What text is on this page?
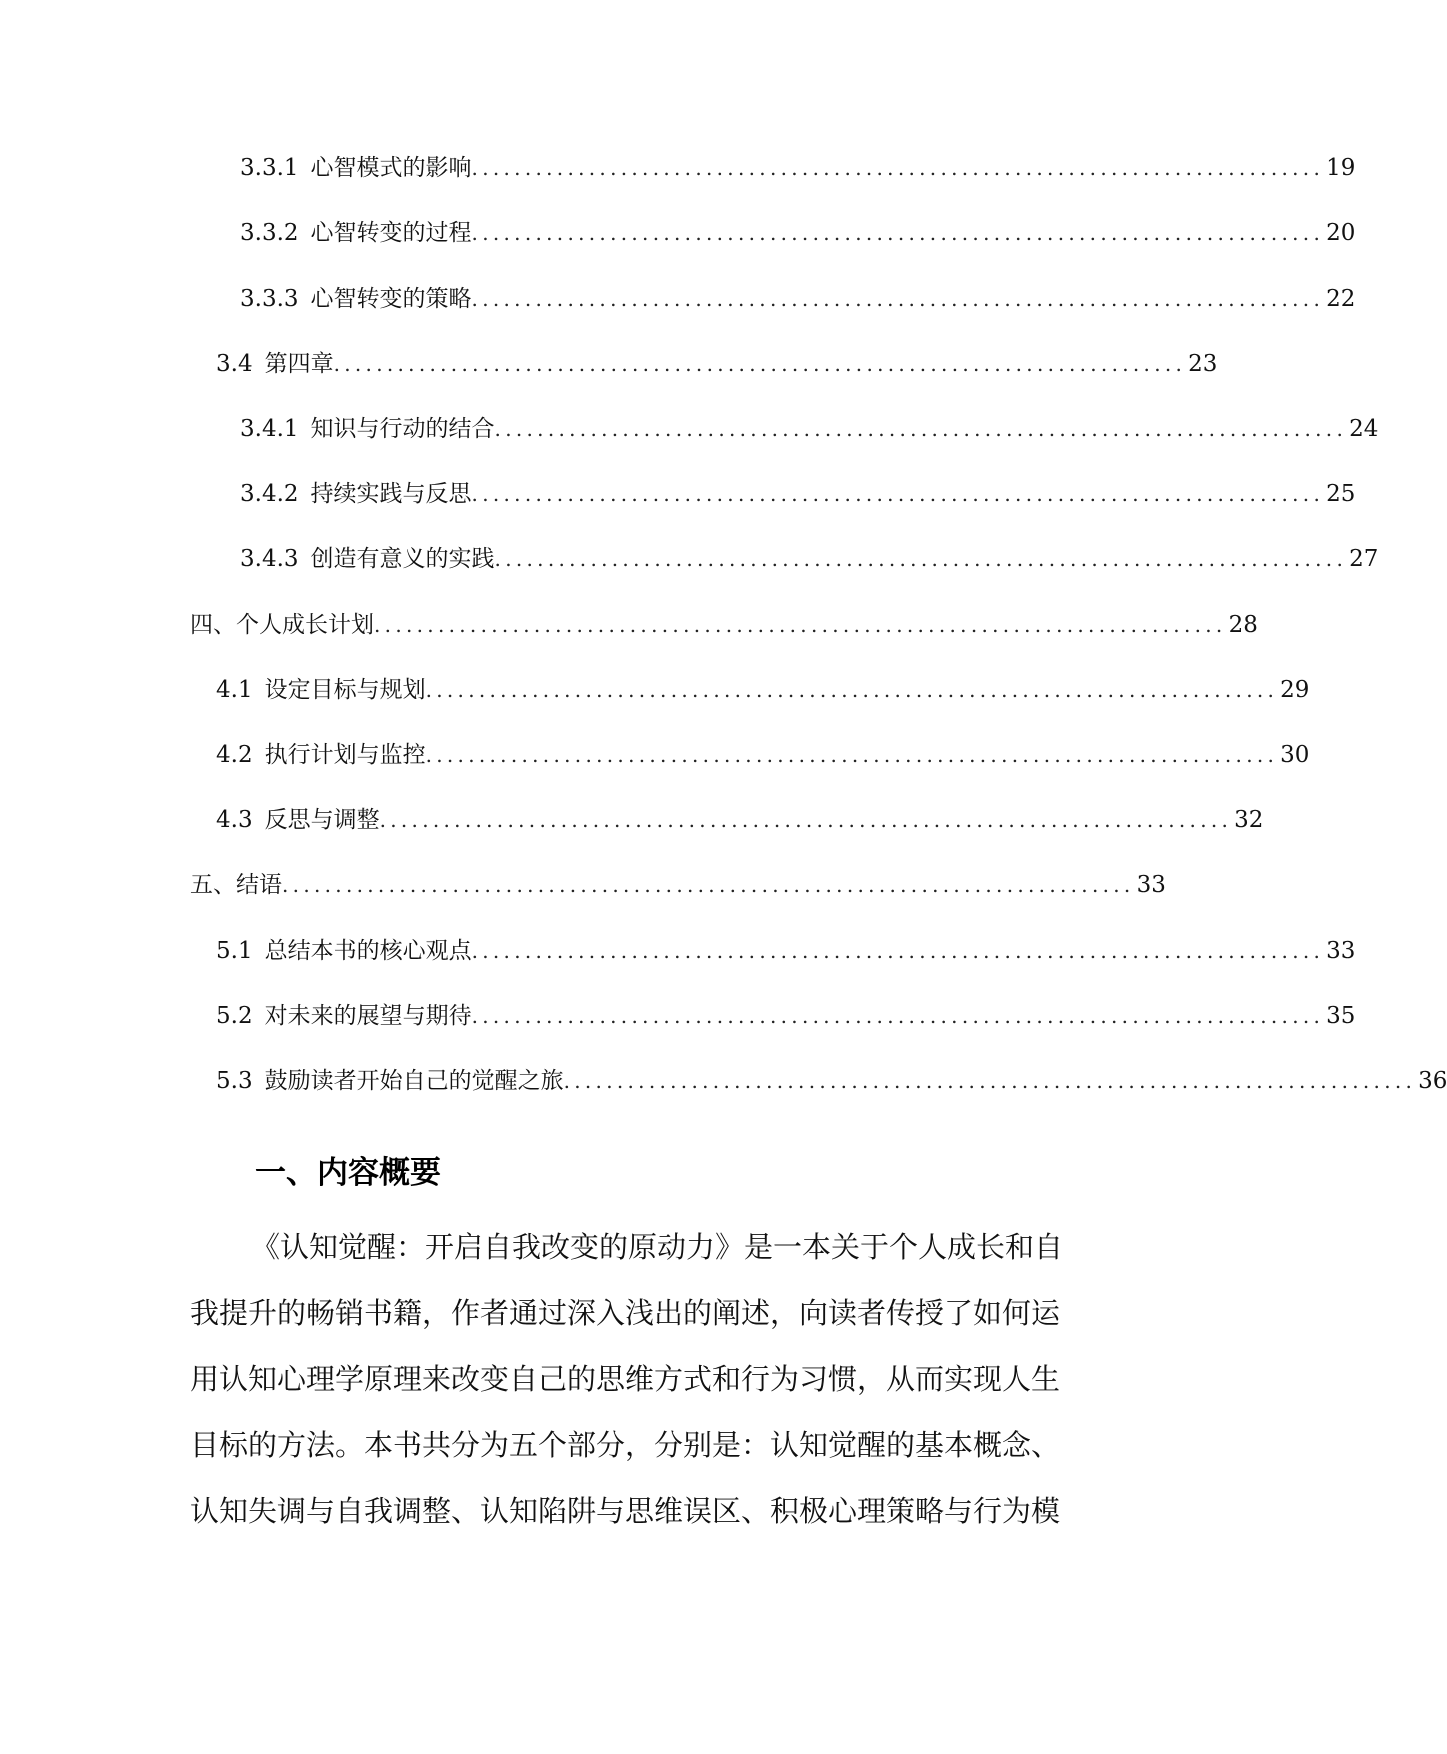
3.3.1 心智模式的影响 ................................................................................ 19
3.3.2 心智转变的过程 ................................................................................ 20
3.3.3 心智转变的策略 ................................................................................ 22
3.4 第四章 ................................................................................ 23
3.4.1 知识与行动的结合 ................................................................................ 24
3.4.2 持续实践与反思 ................................................................................ 25
3.4.3 创造有意义的实践 ................................................................................ 27
四、个人成长计划 ................................................................................ 28
4.1 设定目标与规划 ................................................................................ 29
4.2 执行计划与监控 ................................................................................ 30
4.3 反思与调整 ................................................................................ 32
五、结语 ................................................................................ 33
5.1 总结本书的核心观点 ................................................................................ 33
5.2 对未来的展望与期待 ................................................................................ 35
5.3 鼓励读者开始自己的觉醒之旅 ................................................................................ 36
一、内容概要
《认知觉醒：开启自我改变的原动力》是一本关于个人成长和自
我提升的畅销书籍，作者通过深入浅出的阐述，向读者传授了如何运
用认知心理学原理来改变自己的思维方式和行为习惯，从而实现人生
目标的方法。本书共分为五个部分，分别是：认知觉醒的基本概念、
认知失调与自我调整、认知陷阱与思维误区、积极心理策略与行为模
